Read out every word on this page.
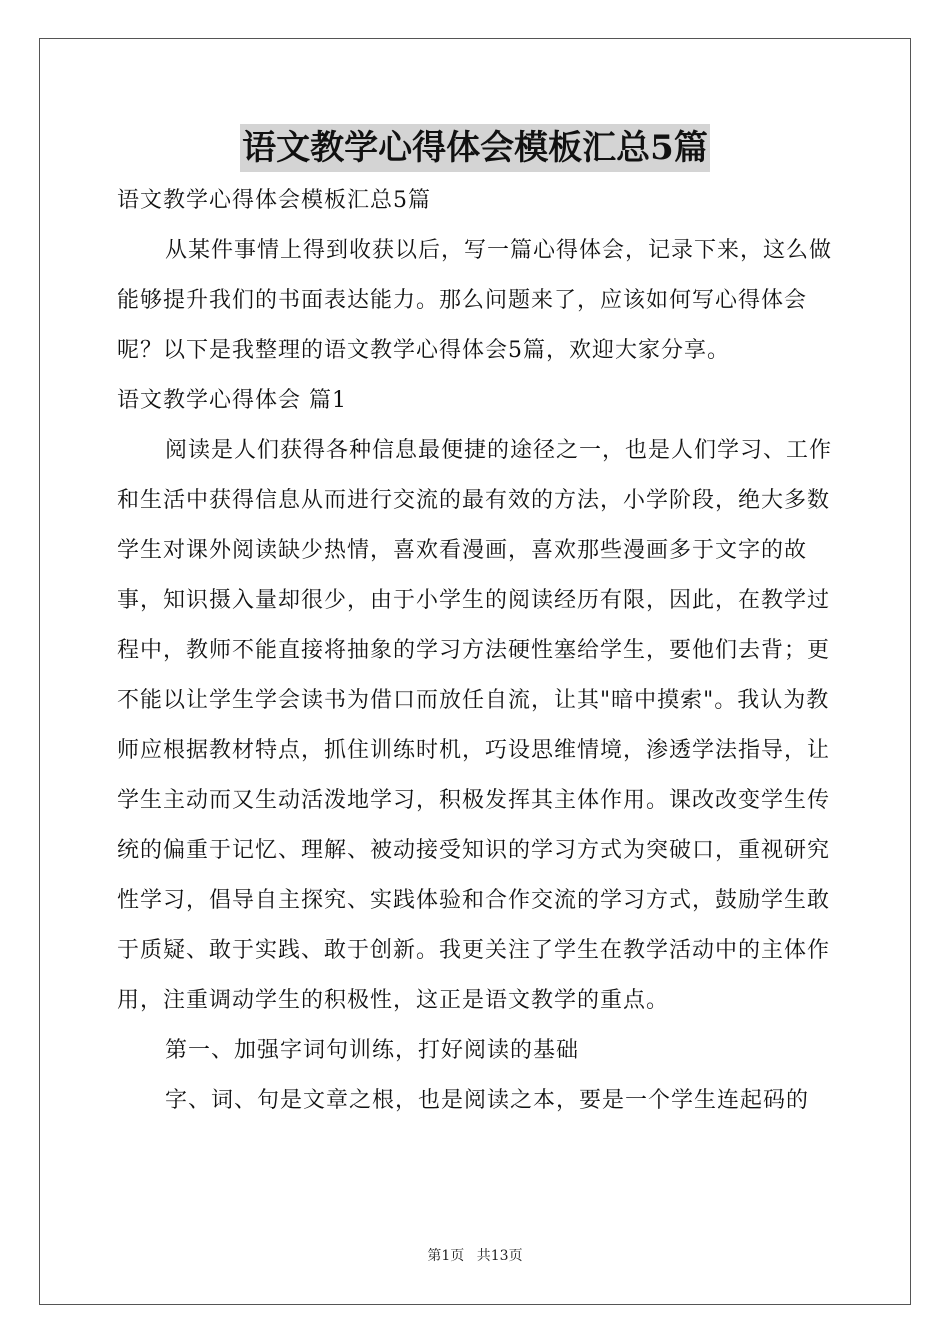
语文教学心得体会模板汇总5篇

语文教学心得体会模板汇总5篇

从某件事情上得到收获以后，写一篇心得体会，记录下来，这么做能够提升我们的书面表达能力。那么问题来了，应该如何写心得体会呢？以下是我整理的语文教学心得体会5篇，欢迎大家分享。

语文教学心得体会 篇1

阅读是人们获得各种信息最便捷的途径之一，也是人们学习、工作和生活中获得信息从而进行交流的最有效的方法，小学阶段，绝大多数学生对课外阅读缺少热情，喜欢看漫画，喜欢那些漫画多于文字的故事，知识摄入量却很少，由于小学生的阅读经历有限，因此，在教学过程中，教师不能直接将抽象的学习方法硬性塞给学生，要他们去背；更不能以让学生学会读书为借口而放任自流，让其"暗中摸索"。我认为教师应根据教材特点，抓住训练时机，巧设思维情境，渗透学法指导，让学生主动而又生动活泼地学习，积极发挥其主体作用。课改改变学生传统的偏重于记忆、理解、被动接受知识的学习方式为突破口，重视研究性学习，倡导自主探究、实践体验和合作交流的学习方式，鼓励学生敢于质疑、敢于实践、敢于创新。我更关注了学生在教学活动中的主体作用，注重调动学生的积极性，这正是语文教学的重点。

第一、加强字词句训练，打好阅读的基础

字、词、句是文章之根，也是阅读之本，要是一个学生连起码的

第1页 共13页
